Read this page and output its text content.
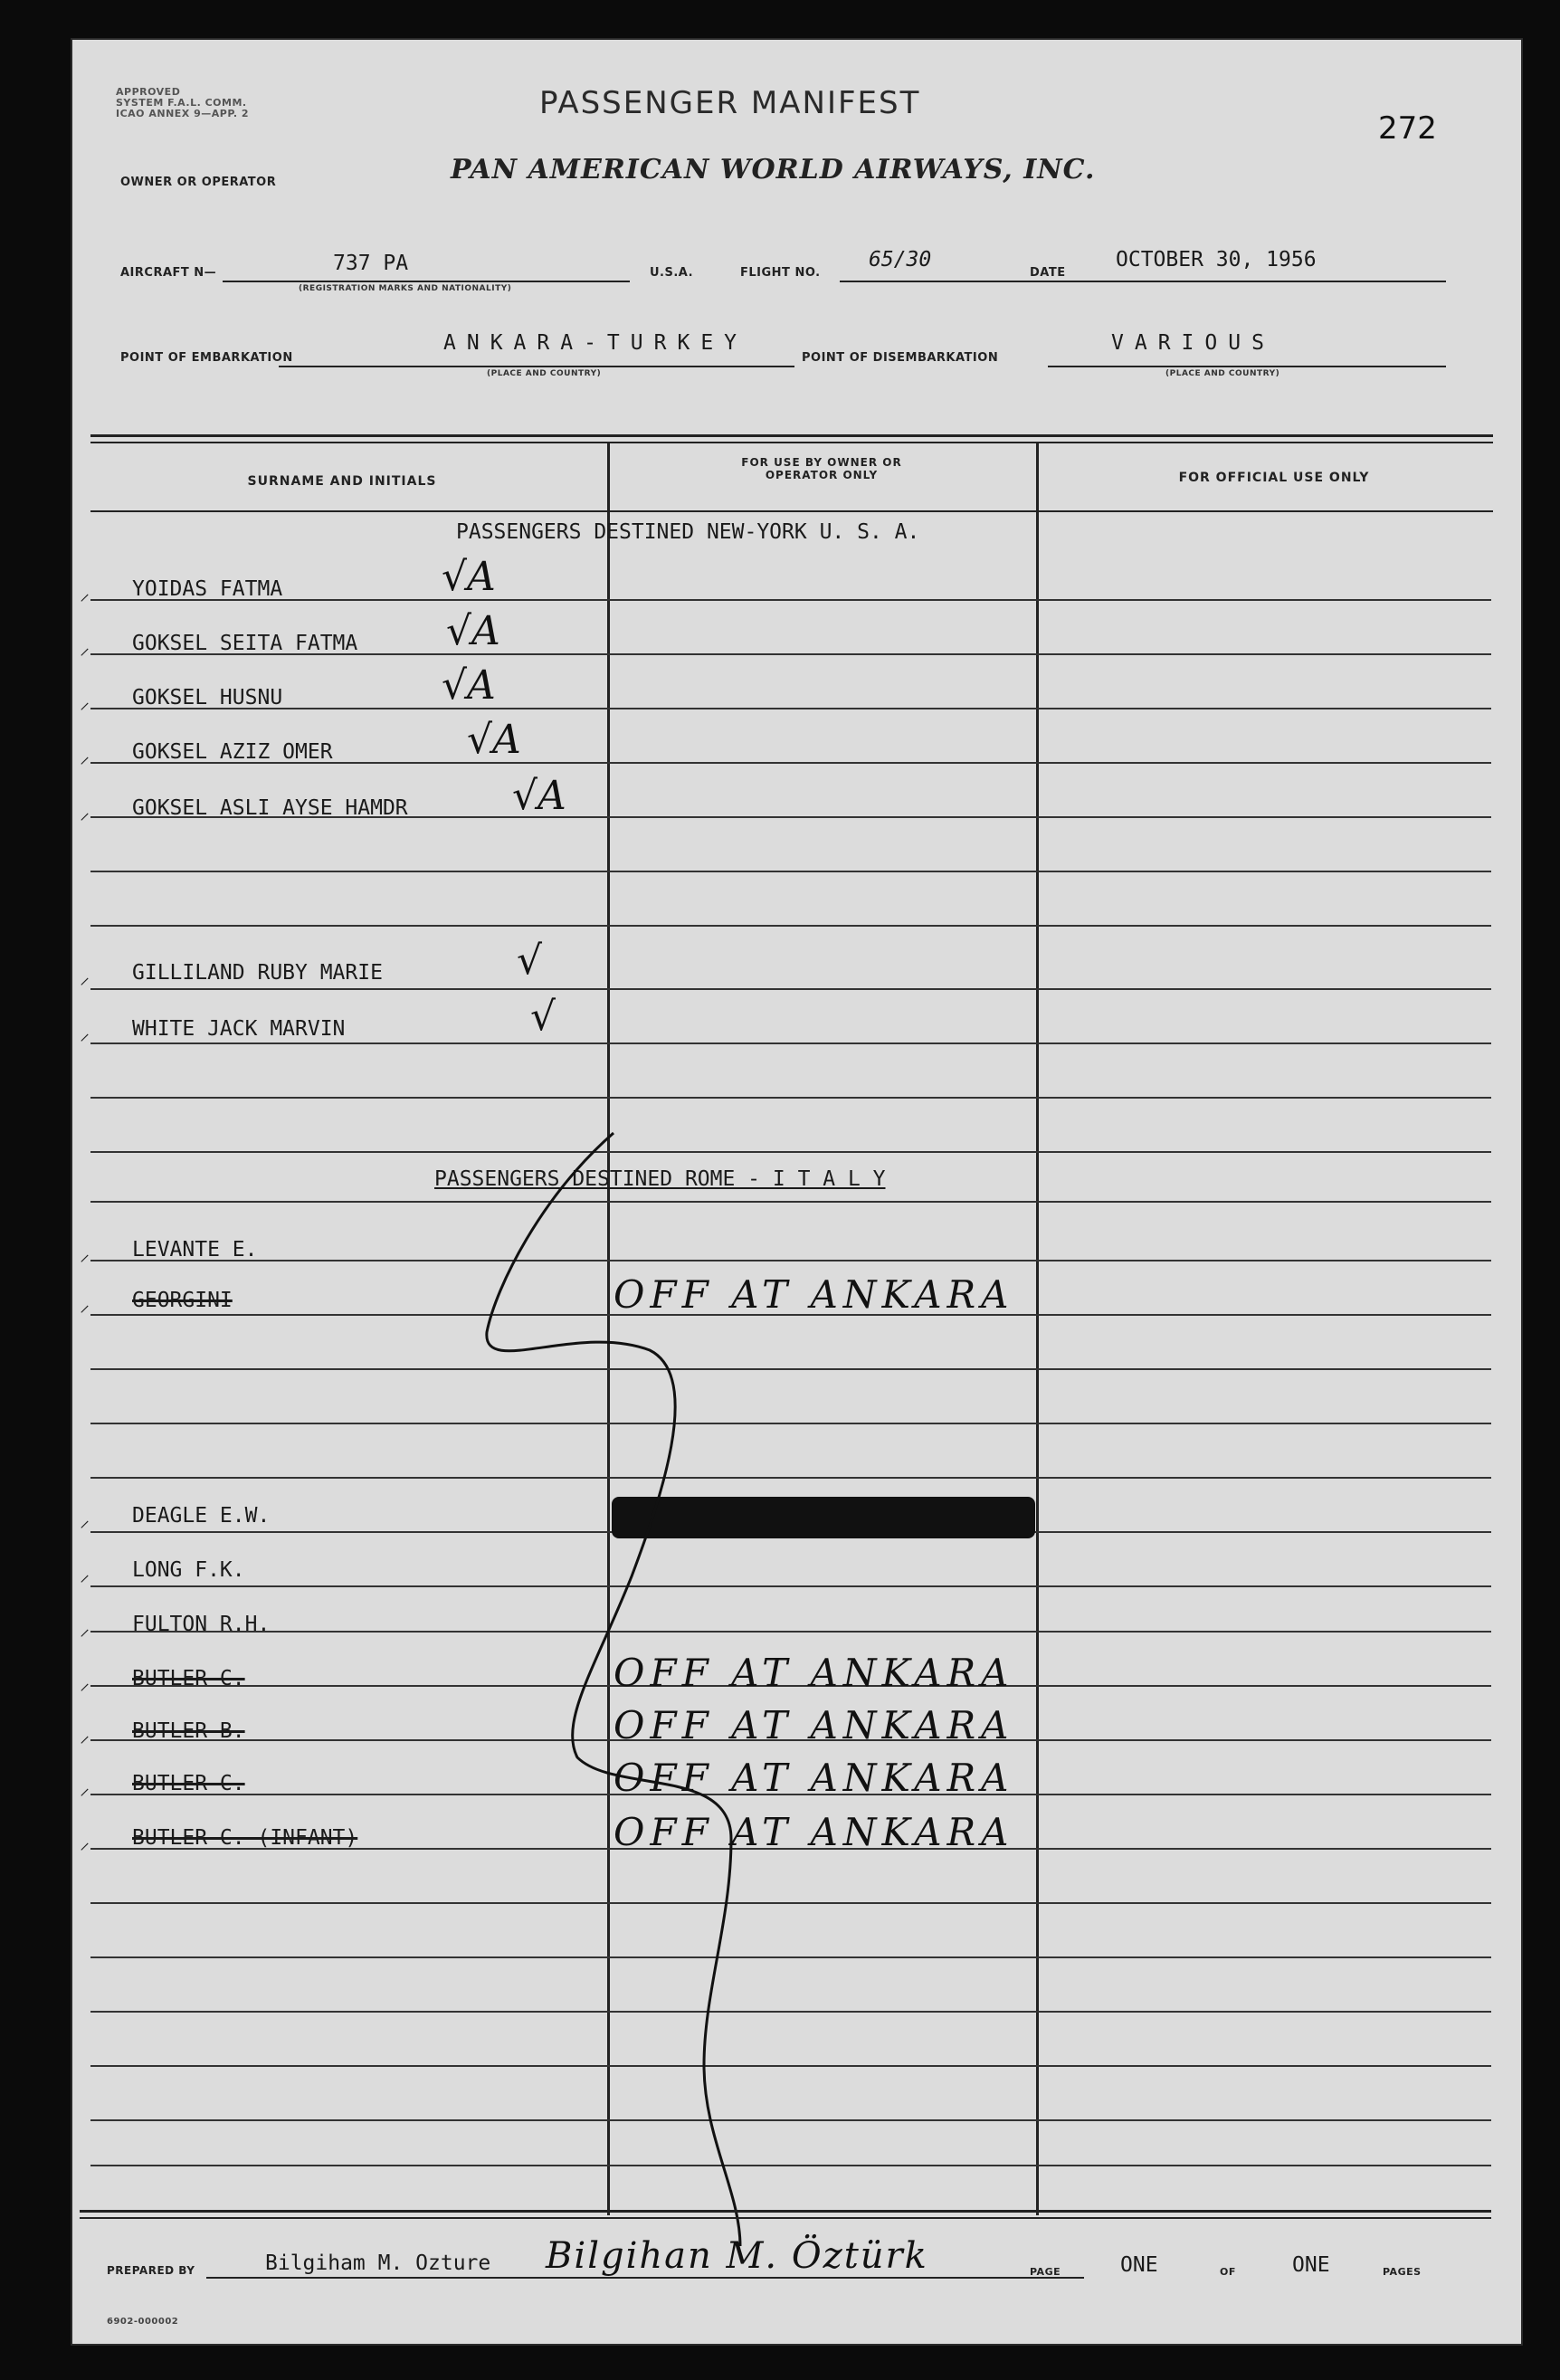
APPROVED
SYSTEM F.A.L. COMM.
ICAO ANNEX 9—APP. 2	PASSENGER MANIFEST
272
OWNER OR OPERATOR	PAN AMERICAN WORLD AIRWAYS, INC.
AIRCRAFT N—	737 PA
(REGISTRATION MARKS AND NATIONALITY)
U.S.A.	FLIGHT NO.
65/30
DATE
OCTOBER 30, 1956
POINT OF EMBARKATION
ANKARA-TURKEY
(PLACE AND COUNTRY)
POINT OF DISEMBARKATION
VARIOUS
(PLACE AND COUNTRY)
SURNAME AND INITIALS
FOR USE BY OWNER OR OPERATOR ONLY	FOR OFFICIAL USE ONLY
PASSENGERS DESTINED NEW-YORK U. S. A.
⸝ YOIDAS FATMA	√A
⸝ GOKSEL SEITA FATMA √A
⸝ GOKSEL HUSNU	√A
⸝ GOKSEL AZIZ OMER	√A
⸝ GOKSEL ASLI AYSE HAMDR	√A
⸝ GILLILAND RUBY MARIE	√
⸝ WHITE JACK MARVIN	√
PASSENGERS DESTINED ROME - I T A L Y
⸝ LEVANTE E.
⸝ GEORGINI	OFF AT ANKARA
⸝ DEAGLE E.W.
⸝ LONG F.K.
⸝ FULTON R.H.
⸝ BUTLER C.	OFF AT ANKARA
⸝ BUTLER B.	OFF AT ANKARA
⸝ BUTLER C.	OFF AT ANKARA
⸝ BUTLER C. (INFANT)	OFF AT ANKARA
PREPARED BY	Bilgiham M. Ozture Bilgihan M. Öztürk	PAGE	ONE	OF	ONE	PAGES
6902-000002
